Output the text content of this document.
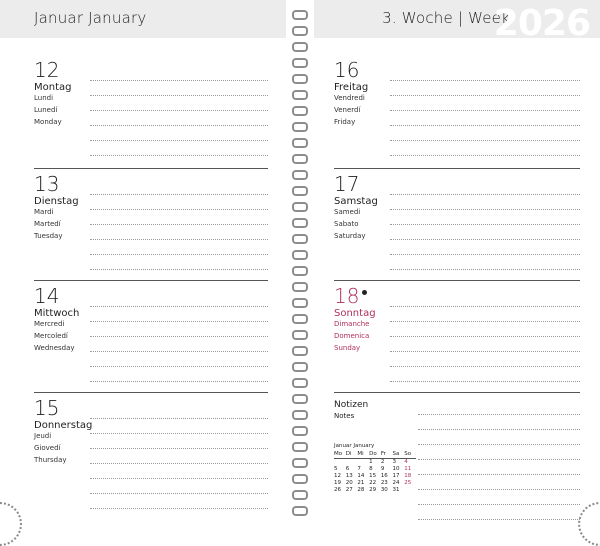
Januar January
12
Montag
Lundi
Lunedí
Monday
13
Dienstag
Mardi
Martedí
Tuesday
14
Mittwoch
Mercredi
Mercoledí
Wednesday
15
Donnerstag
Jeudi
Giovedí
Thursday
3. Woche | Week
2026
16
Freitag
Vendredi
Venerdí
Friday
17
Samstag
Samedi
Sabato
Saturday
18
Sonntag
Dimanche
Domenica
Sunday
Notizen
Notes
Januar January
Mo	Di	Mi	Do	Fr	Sa	So
			1	2	3	4
5	6	7	8	9	10	11
12	13	14	15	16	17	18
19	20	21	22	23	24	25
26	27	28	29	30	31	
